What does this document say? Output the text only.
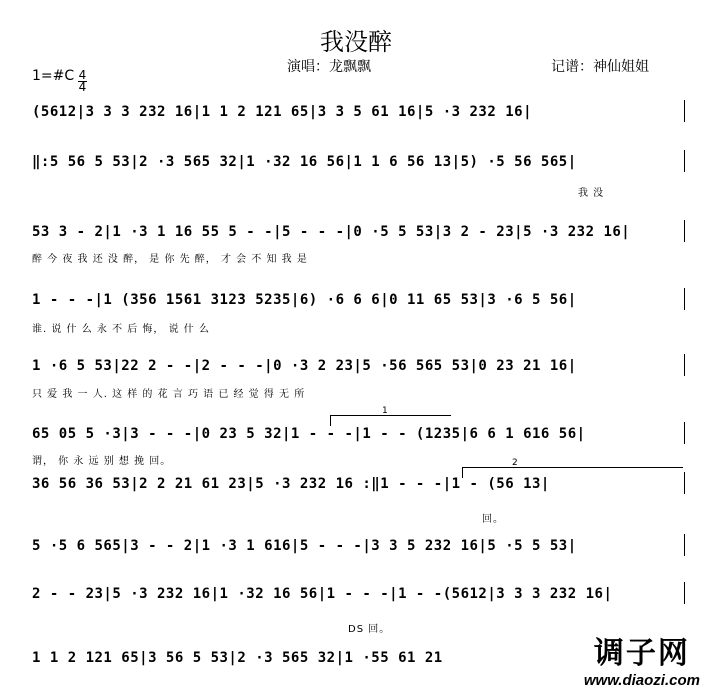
我没醉
演唱：龙飘飘	记谱：神仙姐姐
1=#C 4
4
(5612|3 3 3 232 16|1 1 2 121 65|3 3 5 61 16|5 ·3 232 16|
‖:5 56 5 53|2 ·3 565 32|1 ·32 16 56|1 1 6 56 13|5) ·5 56 565|
我 没
53 3 - 2|1 ·3 1 16 55 5 - -|5 - - -|0 ·5 5 53|3 2 - 23|5 ·3 232 16|
醉 今 夜 我 还 没 醉， 是 你 先 醉， 才 会 不 知 我 是
1 - - -|1 (356 1561 3123 5235|6) ·6 6 6|0 11 65 53|3 ·6 5 56|
谁. 说 什 么 永 不 后 悔， 说 什 么
1 ·6 5 53|22 2 - -|2 - - -|0 ·3 2 23|5 ·56 565 53|0 23 21 16|
只 爱 我 一 人. 这 样 的 花 言 巧 语 已 经 觉 得 无 所
1
65 05 5 ·3|3 - - -|0 23 5 32|1 - - -|1 - - (1235|6 6 1 616 56|
谓， 你 永 远 别 想 挽 回。	2
36 56 36 53|2 2 21 61 23|5 ·3 232 16 :‖1 - - -|1 - (56 13|
回。
5 ·5 6 565|3 - - 2|1 ·3 1 616|5 - - -|3 3 5 232 16|5 ·5 5 53|
2 - - 23|5 ·3 232 16|1 ·32 16 56|1 - - -|1 - -(5612|3 3 3 232 16|
DS 回。
1 1 2 121 65|3 56 5 53|2 ·3 565 32|1 ·55 61 21	调子网
www.diaozi.com
